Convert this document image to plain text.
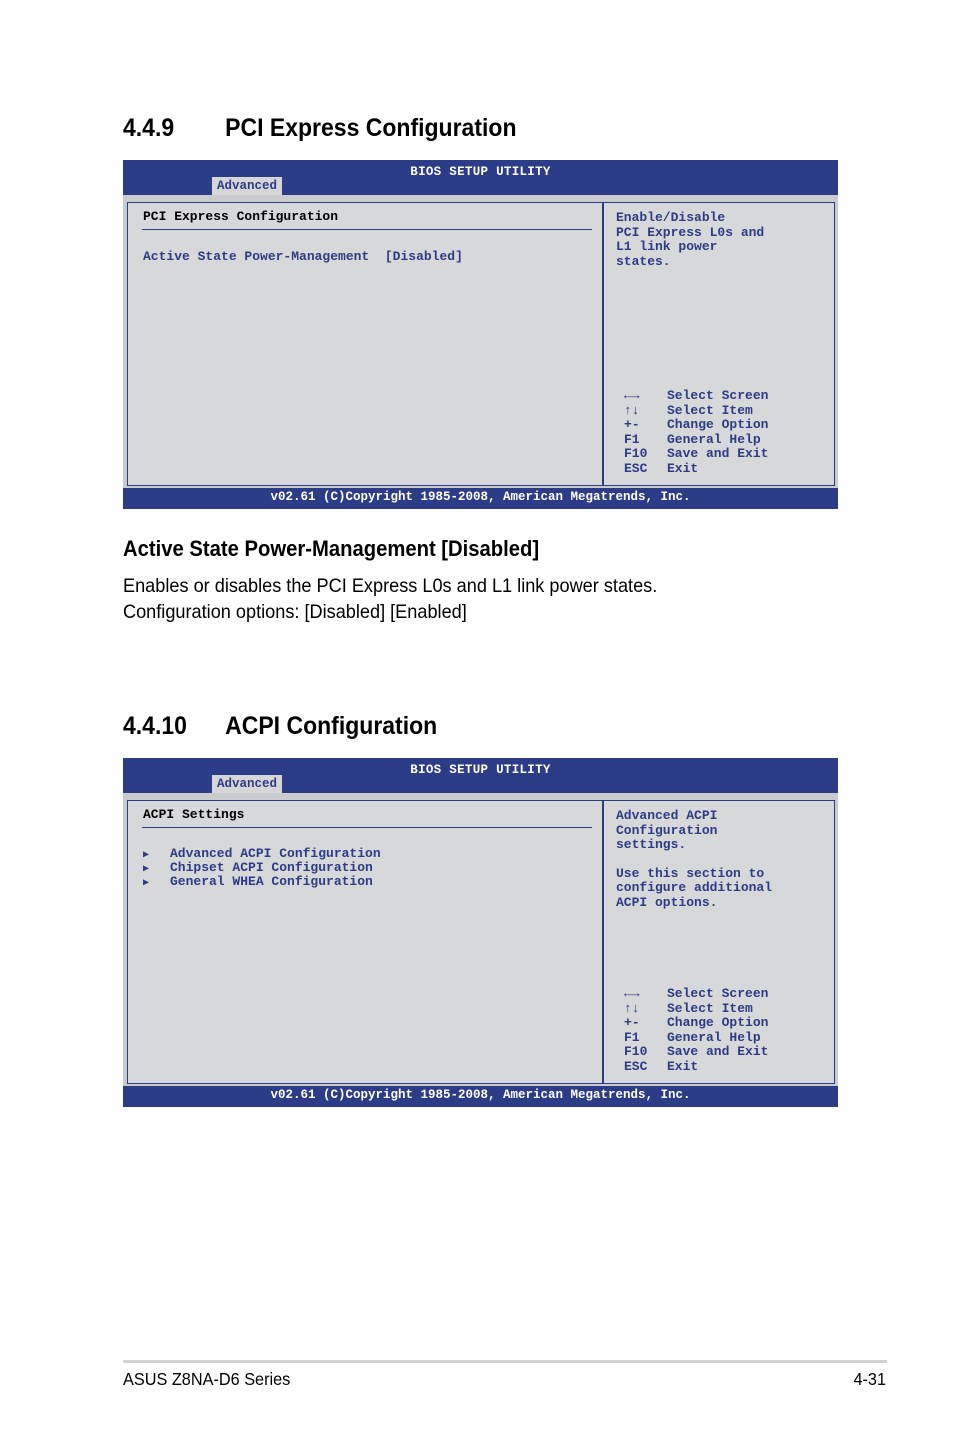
4.4.9 PCI Express Configuration
BIOS SETUP UTILITY
Advanced
PCI Express Configuration
Active State Power-Management [Disabled]
Enable/Disable
PCI Express L0s and
L1 link power
states.
←→ Select Screen
↑↓ Select Item
+- Change Option
F1 General Help
F10 Save and Exit
ESC Exit
v02.61 (C)Copyright 1985-2008, American Megatrends, Inc.
Active State Power-Management [Disabled]
Enables or disables the PCI Express L0s and L1 link power states.
Configuration options: [Disabled] [Enabled]
4.4.10 ACPI Configuration
BIOS SETUP UTILITY
Advanced
ACPI Settings
▶ Advanced ACPI Configuration
▶ Chipset ACPI Configuration
▶ General WHEA Configuration

Advanced ACPI
Configuration
settings.

Use this section to
configure additional
ACPI options.

←→ Select Screen
↑↓ Select Item
+- Change Option
F1 General Help
F10 Save and Exit
ESC Exit
v02.61 (C)Copyright 1985-2008, American Megatrends, Inc.
ASUS Z8NA-D6 Series	4-31
